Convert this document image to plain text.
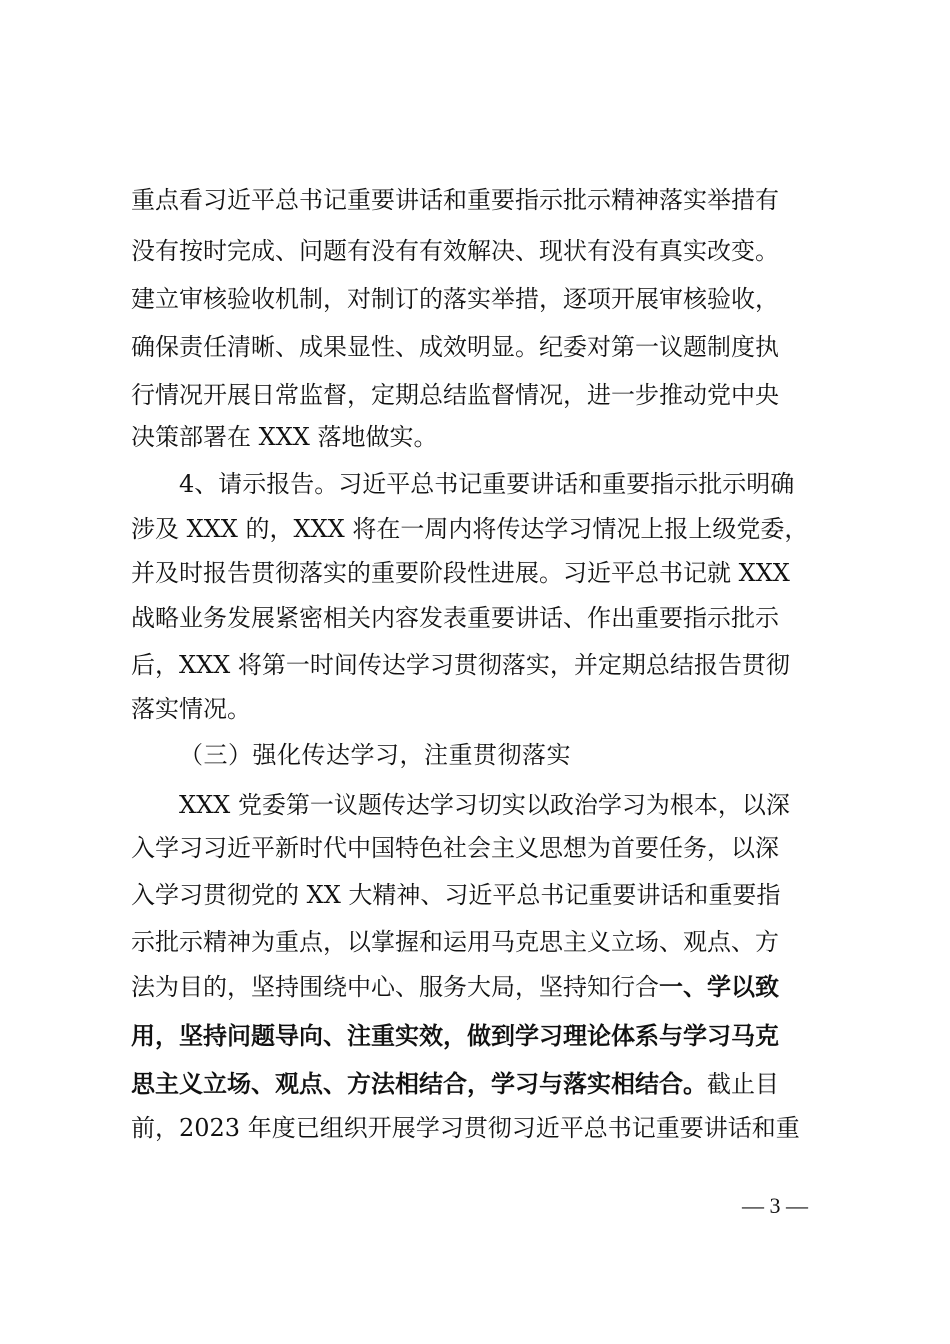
重点看习近平总书记重要讲话和重要指示批示精神落实举措有
没有按时完成、问题有没有有效解决、现状有没有真实改变。
建立审核验收机制，对制订的落实举措，逐项开展审核验收，
确保责任清晰、成果显性、成效明显。纪委对第一议题制度执
行情况开展日常监督，定期总结监督情况，进一步推动党中央
决策部署在 XXX 落地做实。
4、请示报告。习近平总书记重要讲话和重要指示批示明确
涉及 XXX 的，XXX 将在一周内将传达学习情况上报上级党委，
并及时报告贯彻落实的重要阶段性进展。习近平总书记就 XXX
战略业务发展紧密相关内容发表重要讲话、作出重要指示批示
后，XXX 将第一时间传达学习贯彻落实，并定期总结报告贯彻
落实情况。
（三）强化传达学习，注重贯彻落实
XXX 党委第一议题传达学习切实以政治学习为根本，以深
入学习习近平新时代中国特色社会主义思想为首要任务，以深
入学习贯彻党的 XX 大精神、习近平总书记重要讲话和重要指
示批示精神为重点，以掌握和运用马克思主义立场、观点、方
法为目的，坚持围绕中心、服务大局，坚持知行合一、学以致
用，坚持问题导向、注重实效，做到学习理论体系与学习马克
思主义立场、观点、方法相结合，学习与落实相结合。截止目
前，2023 年度已组织开展学习贯彻习近平总书记重要讲话和重
— 3 —
